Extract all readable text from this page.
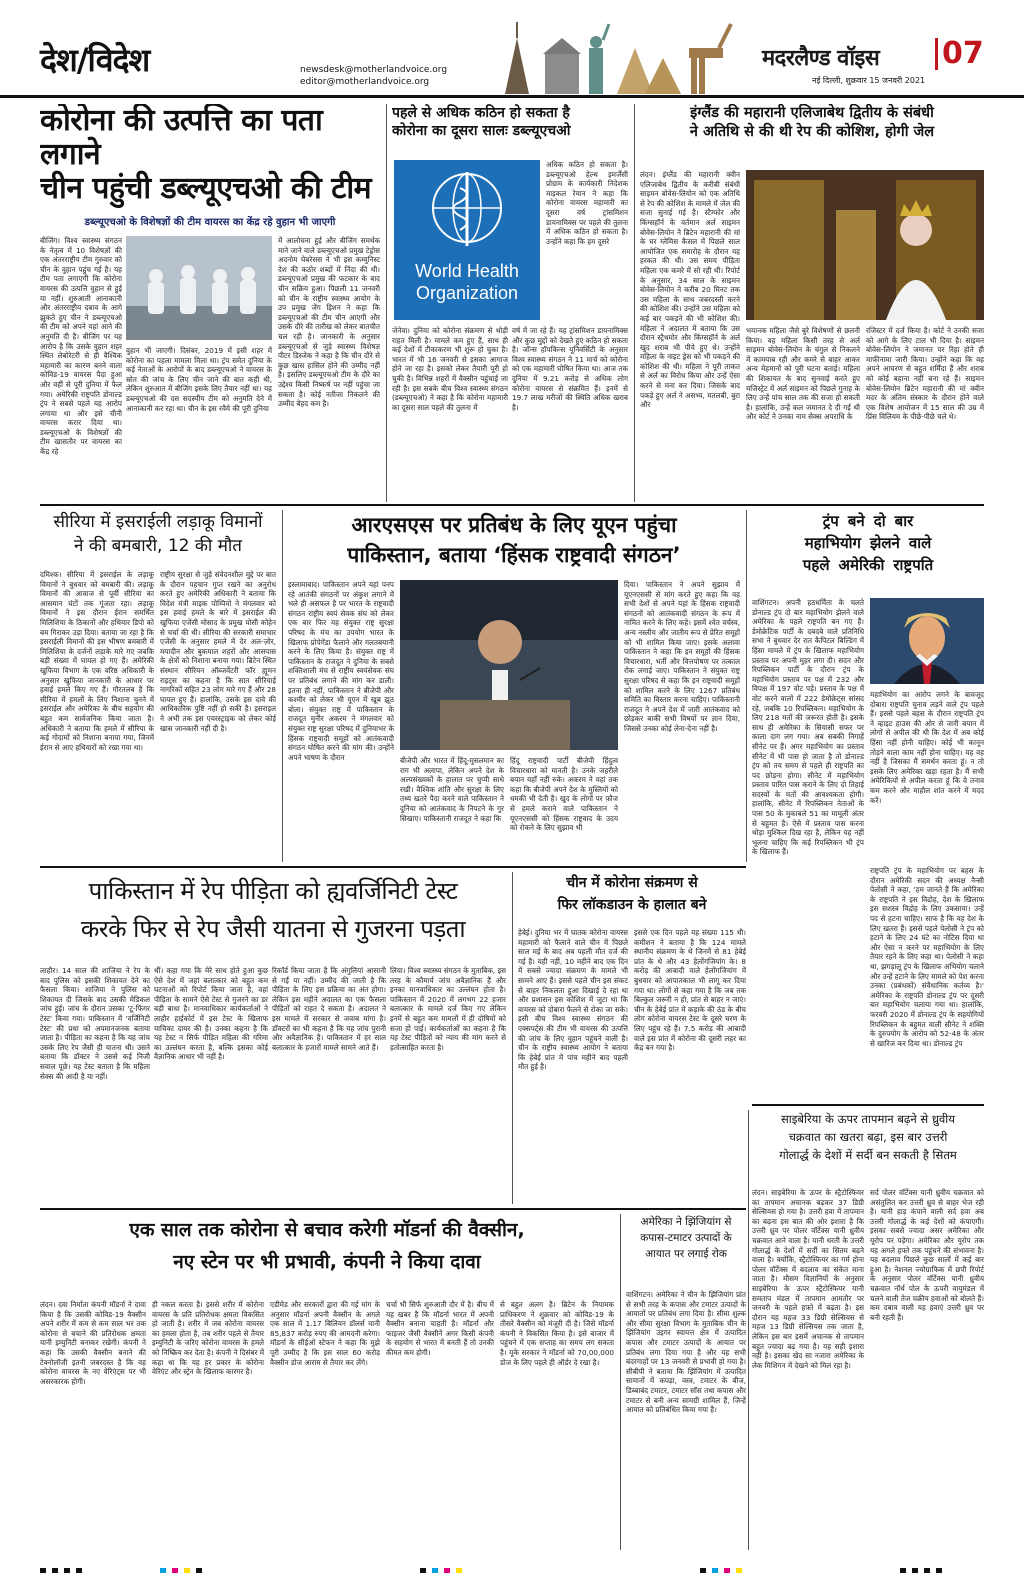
देश/विदेश	newsdesk@motherlandvoice.org
editor@motherlandvoice.org
मदरलैण्ड वॉइस 07
नई दिल्ली, शुक्रवार 15 जनवरी 2021
कोरोना की उत्पत्ति का पता लगाने
चीन पहुंची डब्ल्यूएचओ की टीम
डब्ल्यूएचओ के विशेषज्ञों की टीम वायरस का केंद्र रहे वुहान भी जाएगी
बीजिंग। विश्व स्वास्थ्य संगठन के नेतृत्व में 10 विशेषज्ञों की एक अंतरराष्ट्रीय टीम गुरुवार को चीन के वुहान पहुंच गई है। यह टीम पता लगाएगी कि कोरोना वायरस की उत्पत्ति वुहान से हुई या नहीं। शुरुआती आनाकानी और अंतरराष्ट्रीय दबाव के आगे झुकते हुए चीन ने डब्ल्यूएचओ की टीम को अपने यहां आने की अनुमति दी है। बीजिंग पर यह आरोप है कि उसके वुहान शहर स्थित लेबोरेटरी से ही वैश्विक महामारी का कारण बनने वाला कोविड-19 वायरस पैदा हुआ और वहीं से पूरी दुनिया में फैल गया। अमेरिकी राष्ट्रपति डोनाल्ड ट्रंप ने सबसे पहले यह आरोप लगाया था और इसे चीनी वायरस करार दिया था। डब्ल्यूएचओ के विशेषज्ञों की टीम खासतौर पर वायरस का केंद्र रहे
वुहान भी जाएगी। दिसंबर, 2019 में इसी शहर में कोरोना का पहला मामला मिला था। ट्रंप समेत दुनिया के कई नेताओं के आरोपों के बाद डब्ल्यूएचओ ने वायरस के स्रोत की जांच के लिए चीन जाने की बात कही थी, लेकिन शुरुआत में बीजिंग इसके लिए तैयार नहीं था। यह डब्ल्यूएचओ की दस सदस्यीय टीम को अनुमति देने में आनाकानी कर रहा था। चीन के इस रवैये की पूरी दुनिया
में आलोचना हुई और बीजिंग समर्थक माने जाने वाले डब्ल्यूएचओ प्रमुख टेड्रोस अदनोम घेबरेसस ने भी इस कम्युनिस्ट देश की कठोर शब्दों में निंदा की थी। डब्ल्यूएचओ प्रमुख की फटकार के बाद चीन सक्रिय हुआ। पिछली 11 जनवरी को चीन के राष्ट्रीय स्वास्थ्य आयोग के उप प्रमुख जेंग इिशन ने कहा कि डब्ल्यूएचओ की टीम चीन आएगी और उसके दौरे की तारीख को लेकर बातचीत चल रही है। जानकारी के अनुसार डब्ल्यूएचओ से जुड़े स्वास्थ्य विशेषज्ञ पीटर डिस्जेक ने कहा है कि चीन दौरे से कुछ खास हासिल होने की उम्मीद नहीं है। इसलिए डब्ल्यूएचओ टीम के दौरे का उद्देश्य किसी निष्कर्ष पर नहीं पहुंचा जा सकता है। कोई नतीजा निकलने की उम्मीद बेहद कम है।
पहले से अधिक कठिन हो सकता है
कोरोना का दूसरा सालः डब्ल्यूएचओ
World Health
Organization
अधिक कठिन हो सकता है। डब्ल्यूएचओ हेल्थ इमर्जेंसी प्रोग्राम के कार्यकारी निदेशक माइकल रेयान ने कहा कि कोरोना वायरस महामारी का दूसरा वर्ष ट्रांसमिशन डायनामिक्स पर पहले की तुलना में अधिक कठिन हो सकता है। उन्होंने कहा कि हम दूसरे
जेनेवा। दुनिया को कोरोना संक्रमण से थोड़ी राहत मिली है। मामले कम हुए हैं, साथ ही कई देशों में टीकाकरण भी शुरू हो चुका है। भारत में भी 16 जनवरी से इसका आगाज होने जा रहा है। इसको लेकर तैयारी पूरी हो चुकी है। विभिन्न शहरों में वैक्सीन पहुंचाई जा रही है। इस सबके बीच विश्व स्वास्थ्य संगठन (डब्ल्यूएचओ) ने कहा है कि कोरोना महामारी का दूसरा साल पहले की तुलना में
वर्ष में जा रहे हैं। यह ट्रांसमिशन डायनामिक्स और कुछ मुद्दों को देखते हुए कठिन हो सकता है। जॉन्स हॉपकिन्स यूनिवर्सिटी के अनुसार विश्व स्वास्थ्य संगठन ने 11 मार्च को कोरोना को एक महामारी घोषित किया था। आज तक दुनिया में 9.21 करोड़ से अधिक लोग कोरोना वायरस से संक्रमित हैं। इनमें से 19.7 लाख मरीजों की स्थिति अधिक खराब है।
इंग्लैंड की महारानी एलिजाबेथ द्वितीय के संबंधी
ने अतिथि से की थी रेप की कोशिश, होगी जेल
लंदन। इंग्लैंड की महारानी क्वीन एलिजाबेथ द्वितीय के करीबी संबंधी साइमन बोवेस-लियोन को एक अतिथि से रेप की कोशिश के मामले में जेल की सजा सुनाई गई है। स्टैम्फोर और किंग्सहॉर्न के वर्तमान अर्ल साइमन बोवेस-लियोन ने ब्रिटेन महारानी की मां के घर ग्लेमिस कैसल में पिछले साल आयोजित एक समारोह के दौरान यह हरकत की थी। उस समय पीड़िता महिला एक कमरे में सो रही थी। रिपोर्ट के अनुसार, 34 साल के साइमन बोवेस-लियोन ने करीब 20 मिनट तक उस महिला के साथ जबरदस्ती करने की कोशिश की। उन्होंने उस महिला को कई बार पकड़ने की भी कोशिश की। महिला ने अदालत में बताया कि उस दौरान स्ट्रैथमोर और किंग्सहॉर्न के अर्ल खुद शराब भी पीये हुए थे। उन्होंने महिला के नाइट ड्रेस को भी पकड़ने की कोशिश की थी। महिला ने पूरी ताकत से अर्ल का विरोध किया और उन्हें ऐसा करने से मना कर दिया। जिसके बाद पकड़े हुए अर्ल ने असभ्य, मतलबी, बुरा और
भयानक महिला जैसे बुरे विशेषणों से छलनी किया। वह महिला किसी तरह से अर्ल साइमन बोवेस-लियोन के चंगुल से निकलने में कामयाब रही और कमरे से बाहर आकर अन्य मेहमानों को पूरी घटना बताई। महिला की शिकायत के बाद सुनवाई करते हुए मजिस्ट्रेट में अर्ल साइमन को पिछले गुनाह के लिए उन्हें पांच साल तक की सजा हो सकती है। हालांकि, उन्हें कल जमानत दे दी गई थी और कोर्ट ने उनका नाम सेक्स अपराधि के
रजिस्टर में दर्ज किया है। कोर्ट ने उनकी सजा को आगे के लिए टाल भी दिया है। साइमन बोवेस-लियोन ने जमानत पर रिहा होते ही माफीनामा जारी किया। उन्होंने कहा कि वह अपने आचरण से बहुत शर्मिंदा हैं और शराब को कोई बहाना नहीं बना रहे हैं। साइमन बोवेस-लियोन ब्रिटेन महारानी की मां क्वीन मदर के अंतिम संस्कार के दौरान होने वाले एक विशेष आयोजन में 15 साल की उम्र में प्रिंस विलियम के पीछे-पीछे चले थे।
सीरिया में इसराईली लड़ाकू विमानों
ने की बमबारी, 12 की मौत
दमिश्क। सीरिया में इसराईल के लड़ाकू विमानों ने बुधवार को बमबारी की। लड़ाकू विमानों की आवाज से पूर्वी सीरिया का आसमान घंटों तक गूंजता रहा। लड़ाकू विमानों ने इस दौरान ईरान समर्थित मिलिशिया के ठिकानों और हथियार डिपो को बम गिराकर उड़ा दिया। बताया जा रहा है कि इसराईली विमानों की इस भीषण बमबारी में मिलिशिया के दर्जनों लड़ाके मारे गए जबकि बड़ी संख्या में घायल हो गए हैं। अमेरिकी खुफिया विभाग के एक वरिष्ठ अधिकारी के अनुसार खुफिया जानकारी के आधार पर हवाई हमले किए गए हैं। गौरतलब है कि सीरिया में हमलों के लिए निशाना चुनने में इसराईल और अमेरिका के बीच सहयोग की बहुत कम सार्वजनिक किया जाता है। अधिकारी ने बताया कि हमले में सीरिया के कई गोदामों को निशाना बनाया गया, जिनमें ईरान से आए हथियारों को रखा गया था।
राष्ट्रीय सुरक्षा से जुड़े संवेदनशील मुद्दे पर बात के दौरान पहचान गुप्त रखने का अनुरोध करते हुए अमेरिकी अधिकारी ने बताया कि विदेश मंत्री माइक पोम्पियो ने मंगलवार को इस हवाई हमले के बारे में इसराईल की खुफिया एजेंसी मोसाद के प्रमुख योसी कोहेन से चर्चा की थी। सीरिया की सरकारी समाचार एजेंसी के अनुसार हमले में देर अल-ज़ोर, मयादीन और बुकमाल शहरों और आसपास के क्षेत्रों को निशाना बनाया गया। ब्रिटेन स्थित संस्थान सीरियन ऑब्जर्वेटरी फॉर ह्यूमन राइट्स का कहना है कि सात सीरियाई नागरिकों सहित 23 लोग मारे गए हैं और 28 घायल हुए हैं। हालांकि, उसके इस दावे की आधिकारिक पुष्टि नहीं हो सकी है। इसराइल ने अभी तक इस एयरस्ट्राइक को लेकर कोई खास जानकारी नहीं दी है।
आरएसएस पर प्रतिबंध के लिए यूएन पहुंचा
पाकिस्तान, बताया ‘हिंसक राष्ट्रवादी संगठन’
इस्लामाबाद। पाकिस्तान अपने यहां पनप रहे आतंकी संगठनों पर अंकुश लगाने में भले ही असफल है पर भारत के राष्ट्रवादी संगठन राष्ट्रीय स्वयं सेवक संघ को लेकर एक बार फिर यह संयुक्त राष्ट्र सुरक्षा परिषद के मंच का उपयोग भारत के खिलाफ प्रोपेगेंडा फैलाने और गलतबयानी करने के लिए किया है। संयुक्त राष्ट्र में पाकिस्तान के राजदूत ने दुनिया के सबसे शक्तिशाली मंच से राष्ट्रीय स्वयंसेवक संघ पर प्रतिबंध लगाने की मांग कर डाली। इतना ही नहीं, पाकिस्तान ने बीजेपी और कश्मीर को लेकर भी यूएन में खूब झूठ बोला। संयुक्त राष्ट्र में पाकिस्तान के राजदूत मुनीर अकरम ने मंगलवार को संयुक्त राष्ट्र सुरक्षा परिषद में दुनियाभर के हिंसक राष्ट्रवादी समूहों को आतंकवादी संगठन घोषित करने की मांग की। उन्होंने अपने भाषण के दौरान	बीजेपी और भारत में हिंदू-मुसलमान का राग भी अलापा, लेकिन अपने देश के अल्पसंख्यकों के हालात पर चुप्पी साधे रखी। वैश्विक शांति और सुरक्षा के लिए तथ्य खतरे पैदा करने वाले पाकिस्तान ने दुनिया को आतंकवाद के निपटने के गुर सिखाए। पाकिस्तानी राजदूत ने कहा कि
हिंदू राष्ट्रवादी पार्टी बीजेपी हिंदुत्व विचारधारा को मानती है। उनके जहरीले बयान यहाँ नहीं रुके। अकरम ने यहां तक कहा कि बीजेपी अपने देश के मुस्लिमों को धमकी भी देती है। खुद के लोगों पर फ़ौज से हमले कराने वाले पाकिस्तान ने यूएनएससी को हिंसक राष्ट्रवाद के उदय को रोकने के लिए सुझाव भी
दिया। पाकिस्तान ने अपने सुझाव में यूएनएससी से मांग करते हुए कहा कि वह सभी देशों से अपने यहां के हिंसक राष्ट्रवादी संगठनों को आतंकवादी संगठन के रूप में नामित करने के लिए कहे। इसमें श्वेत वर्चस्व, अन्य नस्लीय और जातीय रूप से प्रेरित समूहों को भी शामिल किया जाए। इसके अलावा पाकिस्तान ने कहा कि इन समूहों की हिंसक विचारधारा, भर्ती और वित्तपोषण पर तत्काल रोक लगाई जाए। पाकिस्तान ने संयुक्त राष्ट्र सुरक्षा परिषद से कहा कि इन राष्ट्रवादी समूहों को शामिल करने के लिए 1267 प्रतिबंध समिति का विस्तार करना चाहिए। पाकिस्तानी राजदूत ने अपने देश में जारी आतंकवाद को छोड़कर बाकी सभी विषयों पर ज्ञान दिया, जिससे उनका कोई लेना-देना नहीं है।
ट्रंप बने दो बार
महाभियोग झेलने वाले
पहले अमेरिकी राष्ट्रपति
वाशिंगटन। अपनी हठधर्मिता के चलते डोनाल्ड ट्रंप दो बार महाभियोग झेलने वाले अमेरिका के पहले राष्ट्रपति बन गए हैं। डेमोक्रेटिक पार्टी के दबदबे वाले प्रतिनिधि सभा ने बुधवार देर रात कैपिटल बिल्डिंग में हिंसा मामले में ट्रंप के खिलाफ महाभियोग प्रस्ताव पर अपनी मुहर लगा दी। सदन और रिपब्लिकन पार्टी के दौरान ट्रंप के महाभियोग प्रस्ताव पर पक्ष में 232 और विपक्ष में 197 वोट पड़े। प्रस्ताव के पक्ष में वोट करने वालों में 222 डेमोक्रेट्स सांसद रहे, जबकि 10 रिपब्लिकन। महाभियोग के लिए 218 मतों की जरूरत होती है। इसके साथ ही अमेरिका के सियासी सफर पर काला दाग लग गया। अब सबकी निगाहें सीनेट पर हैं। अगर महाभियोग का प्रस्ताव सीनेट में भी पास हो जाता है तो डोनाल्ड ट्रंप को तय समय से पहले ही राष्ट्रपति का पद छोड़ना होगा। सीनेट में महाभियोग प्रस्ताव पारित पास कराने के लिए दो तिहाई सदस्यों के मतों की आवश्यकता होगी। हालांकि, सीनेट में रिपब्लिकन नेताओं के पास 50 के मुकाबले 51 का मामूली अंतर से बहुमत है। ऐसे में प्रस्ताव पास करना थोड़ा मुश्किल दिख रहा है, लेकिन यह नहीं भूलना चाहिए कि कई रिपब्लिकन भी ट्रंप के खिलाफ हैं।
महाभियोग का आरोप लगने के बावजूद दोबारा राष्ट्रपति चुनाव लड़ने वाले ट्रंप पहले हैं। इससे पहले बहस के दौरान राष्ट्रपति ट्रंप ने व्हाइट हाउस की ओर से जारी बयान में लोगों से अपील की थी कि देश में अब कोई हिंसा नहीं होनी चाहिए। कोई भी कानून तोड़ने वाला काम नहीं होना चाहिए। यह वह नहीं है जिसका मैं समर्थन करता हूं। न तो इसके लिए अमेरिका खड़ा रहता है। मैं सभी अमेरिकियों से अपील करता हूं कि वे तनाव कम करने और माहौल शांत करने में मदद करें।
राष्ट्रपति ट्रंप के महाभियोग पर बहस के दौरान अमेरिकी सदन की अध्यक्ष नैन्सी पेलोसी ने कहा, 'हम जानते हैं कि अमेरिका के राष्ट्रपति ने इस विद्रोह, देश के खिलाफ इस सशस्त्र विद्रोह के लिए उकसाया। उन्हें पद से हटना चाहिए। साफ है कि वह देश के लिए खतरा हैं। इससे पहले पेलोसी ने ट्रंप को हटाने के लिए 24 घंटे का नोटिस दिया था और ऐसा न करने पर महाभियोग के लिए तैयार रहने के लिए कहा था। पेलोसी ने कहा था, झगड़ालू ट्रंप के खिलाफ अभियोग चलाने और उन्हें हटाने के लिए मामले को पेश करना उनका (प्रबंधकों) संवैधानिक कर्तव्य है।' अमेरिका के राष्ट्रपति डोनाल्ड ट्रंप पर दूसरी बार महाभियोग चलाया गया था। हालांकि, फरवरी 2020 में डोनाल्ड ट्रंप के सहयोगियों रिपब्लिकन के बहुमत वाली सीनेट ने शक्ति के दुरुपयोग के आरोप को 52-48 के अंतर से खारिज कर दिया था। डोनाल्ड ट्रंप
पाकिस्तान में रेप पीड़िता को ह्यवर्जिनिटी टेस्ट
करके फिर से रेप जैसी यातना से गुजरना पड़ता
लाहौर। 14 साल की शाजिया ने रेप के बाद पुलिस को इसकी शिकायत देने का फैसला किया। शाजिया ने पुलिस को शिकायत दी जिसके बाद उसकी मेडिकल जांच हुई। जांच के दौरान उसका 'टू-फिंगर टेस्ट' किया गया। पाकिस्तान में 'वर्जिनिटी टेस्ट' की प्रथा को अपमानजनक बताया जाता है। पीड़िता का कहना है कि यह जांच उसके लिए रेप जैसी ही यातना थी। उसने बताया कि डॉक्टर ने उससे कई निजी सवाल पूछे। यह टेस्ट बताता है कि महिला सेक्स की आदी है या नहीं।
थीं। कहा गया कि मेरे साथ होते हुआ कुछ ऐसे देश में जहां बलात्कार को बहुत कम घटनाओं को रिपोर्ट किया जाता है, वहां पीड़िता के सामने ऐसे टेस्ट से गुजरने का डर बड़ी बाधा है। मानवाधिकार कार्यकर्ताओं ने लाहौर हाईकोर्ट में इस टेस्ट के खिलाफ याचिका दायर की है। उनका कहना है कि यह टेस्ट न सिर्फ पीड़ित महिला की गरिमा का उल्लंघन करता है, बल्कि इसका कोई वैज्ञानिक आधार भी नहीं है।
रिकॉर्ड किया जाता है कि अंगुलियां आसानी से गईं या नहीं। उम्मीद की जाती है कि पीड़िता के लिए इस प्रक्रिया का अंत होगा। लेकिन इस महीने अदालत का एक फैसला पीड़ितों को राहत दे सकता है। अदालत ने इस मामले में सरकार से जवाब मांगा है। डॉक्टरों का भी कहना है कि यह जांच पुरानी और अवैज्ञानिक है। पाकिस्तान में हर साल बलात्कार के हजारों मामले सामने आते हैं।
लिया। विश्व स्वास्थ्य संगठन के मुताबिक, इस तरह के कौमार्य जांच अवैज्ञानिक हैं और इनका मानवाधिकार का उल्लंघन होता है। पाकिस्तान में 2020 में लगभग 22 हजार बलात्कार के मामले दर्ज किए गए लेकिन इनमें से बहुत कम मामलों में ही दोषियों को सजा हो पाई। कार्यकर्ताओं का कहना है कि यह टेस्ट पीड़ितों को न्याय की मांग करने से हतोत्साहित करता है।
चीन में कोरोना संक्रमण से
फिर लॉकडाउन के हालात बने
हेबेई। दुनिया भर में घातक कोरोना वायरस महामारी को फैलाने वाले चीन में पिछले साल मई के बाद अब पहली मौत दर्ज की गई है। यही नहीं, 10 महीने बाद एक दिन में सबसे ज्यादा संक्रमण के मामले भी सामने आए हैं। इससे पहले चीन इस संकट से बाहर निकलता हुआ दिखाई दे रहा था और प्रशासन इस कोशिश में जुटा था कि वायरस को दोबारा फैलने से रोका जा सके। इसी बीच विश्व स्वास्थ्य संगठन की एक्सपर्ट्स की टीम भी वायरस की उत्पत्ति की जांच के लिए वुहान पहुंचने वाली है। चीन के राष्ट्रीय स्वास्थ्य आयोग ने बताया कि हेबेई प्रांत में पांच महीने बाद पहली मौत हुई है।
इससे एक दिन पहले यह संख्या 115 थी। कमीशन ने बताया है कि 124 मामले स्थानीय संक्रमण के थे जिनमें से 81 हेबेई प्रांत के थे और 43 हेलोंगजियांग के। 8 करोड़ की आबादी वाले हेलोंगजियांग में बुधवार को आपातकाल भी लागू कर दिया गया था। लोगों से कहा गया है कि जब तक बिल्कुल जरूरी न हो, प्रांत से बाहर न जाएं। चीन के हेबेई प्रांत में कड़ाके की ठंड के बीच लोग कोरोना वायरस टेस्ट के दूसरे चरण के लिए पहुंच रहे हैं। 7.5 करोड़ की आबादी वाले इस प्रांत में कोरोना की दूसरी लहर का केंद्र बन गया है।
साइबेरिया के ऊपर तापमान बढ़ने से ध्रुवीय
चक्रवात का खतरा बढ़ा, इस बार उत्तरी
गोलार्द्ध के देशों में सर्दी बन सकती है सितम
लंदन। साइबेरिया के ऊपर के स्ट्रैटोस्फियर का तापमान अचानक बढ़कर 37 डिग्री सेल्सियस हो गया है। उत्तरी हवा में तापमान का बढ़ना इस बात की ओर इशारा है कि उत्तरी ध्रुव पर पोलर वॉर्टेक्स यानी ध्रुवीय चक्रवात आने वाला है। यानी धरती के उत्तरी गोलार्द्ध के देशों में सर्दी का सितम बढ़ने वाला है। क्योंकि, स्ट्रैटोस्फियर का गर्म होना पोलर वॉर्टेक्स में बदलाव का संकेत माना जाता है। मौसम विज्ञानियों के अनुसार साइबेरिया के ऊपर स्ट्रैटोस्फियर यानी समताप मंडल में तापमान आमतौर पर जनवरी के पहले हफ्ते में बढ़ता है। इस दौरान यह महज 33 डिग्री सेल्सियस से महज 13 डिग्री सेल्सियस तक जाता है, लेकिन इस बार इसमें अचानक से तापमान बहुत ज्यादा बढ़ गया है। यह सही इशारा नहीं है। इसका खेद सा नजारा अमेरिका के लेक मिशिगन में देखने को मिल रहा है।
सर्द पोलर वॉर्टेक्स यानी ध्रुवीय चक्रवात को असंतुलित कर उत्तरी ध्रुव से बाहर भेज रही है। यानी हाड़ कंपाने वाली सर्द हवा अब उत्तरी गोलार्द्ध के कई देशों को कंपाएगी। इसका सबसे ज्यादा असर अमेरिका और यूरोप पर पड़ेगा। अमेरिका और यूरोप तक यह अगले हफ्ते तक पहुंचने की संभावना है। यह बदलाव पिछले कुछ सालों में कई बार हुआ है। नेशनल ज्योग्राफिक में छपी रिपोर्ट के अनुसार पोलर वॉर्टेक्स यानी ध्रुवीय चक्रवात नॉर्थ पोल के ऊपरी वायुमंडल में चलने वाली तेज चक्रीय हवाओं को बोलते हैं। कम दबाव वाली यह हवाएं उत्तरी ध्रुव पर बनी रहती हैं।
एक साल तक कोरोना से बचाव करेगी मॉडर्ना की वैक्सीन,
नए स्टेन पर भी प्रभावी, कंपनी ने किया दावा
लंदन। दवा निर्माता कंपनी मॉडर्ना ने दावा किया है कि उसकी कोविड-19 वैक्सीन अपने शरीर में कम से कम साल भर तक कोरोना से बचाने की प्रतिरोधक क्षमता यानी इम्युनिटी बनाकर रखेगी। कंपनी ने कहा कि उसकी वैक्सीन बनाने की टेक्नोलॉजी इतनी जबरदस्त है कि वह कोरोना वायरस के नए वेरिएंट्स पर भी असरकारक होगी।
ही नकल करता है। इससे शरीर में कोरोना वायरस के प्रति प्रतिरोधक क्षमता विकसित हो जाती है। शरीर में जब कोरोना वायरस का हमला होता है, तब शरीर पहले से तैयार इम्युनिटी के जरिए कोरोना वायरस के हमले को निष्क्रिय कर देता है। कंपनी ने दिसंबर में कहा था कि यह हर प्रकार के कोरोना वेरिएंट और स्ट्रेन के खिलाफ कारगर है।
एडीमेड और सरकारों द्वारा की गई मांग के अनुसार मॉडर्ना अपनी वैक्सीन के अगले एक साल में 1.17 बिलियन डॉलर्स यानी 85,837 करोड़ रुपए की आमदनी करेगा। मॉडर्ना के सीईओ स्टेफन ने कहा कि मुझे पूरी उम्मीद है कि इस साल 60 करोड़ वैक्सीन डोज आराम से तैयार कर लेंगे।
चर्चा भी सिर्फ शुरुआती दौर में है। बीच में यह खबर है कि मॉडर्ना भारत में अपनी वैक्सीन बनाना चाहती है। मॉडर्ना और फाइजर जैसी वैक्सीनें अगर किसी कंपनी के सहयोग से भारत में बनती हैं तो उनकी कीमत कम होगी।
से बहुत अलग है। ब्रिटेन के नियामक प्राधिकरण ने शुक्रवार को कोविड-19 के तीसरे वैक्सीन को मंजूरी दी है। जिसे मॉडर्ना कंपनी ने विकसित किया है। इसे बाजार में पहुंचने में एक सप्ताह का समय लग सकता है। यूके सरकार ने मॉडर्ना को 70,00,000 डोज के लिए पहले ही ऑर्डर दे रखा है।
अमेरिका ने झिंजियांग से
कपास-टमाटर उत्पादों के
आयात पर लगाई रोक
वाशिंगटन। अमेरिका ने चीन के झिंजियांग प्रांत से सभी तरह के कपास और टमाटर उत्पादों के आयातों पर प्रतिबंध लगा दिया है। सीमा शुल्क और सीमा सुरक्षा विभाग के मुताबिक चीन के झिंजियांग उइगर स्वायत्त क्षेत्र में उत्पादित कपास और टमाटर उत्पादों के आयात पर प्रतिबंध लगा दिया गया है और यह सभी बंदरगाहों पर 13 जनवरी से प्रभावी हो गया है। सीबीपी ने बताया कि झिंजियांग में उत्पादित सामानों में कपड़ा, वस्त्र, टमाटर के बीज, डिब्बाबंद टमाटर, टमाटर सॉस तथा कपास और टमाटर से बनी अन्य सामग्री शामिल हैं, जिन्हें आयात को प्रतिबंधित किया गया है।
